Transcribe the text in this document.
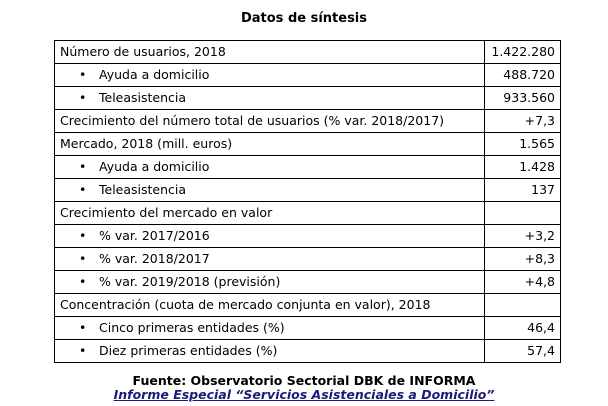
Datos de síntesis
Número de usuarios, 2018	1.422.280
• Ayuda a domicilio	488.720
• Teleasistencia	933.560
Crecimiento del número total de usuarios (% var. 2018/2017)	+7,3
Mercado, 2018 (mill. euros)	1.565
• Ayuda a domicilio	1.428
• Teleasistencia	137
Crecimiento del mercado en valor	
• % var. 2017/2016	+3,2
• % var. 2018/2017	+8,3
• % var. 2019/2018 (previsión)	+4,8
Concentración (cuota de mercado conjunta en valor), 2018	
• Cinco primeras entidades (%)	46,4
• Diez primeras entidades (%)	57,4
Fuente: Observatorio Sectorial DBK de INFORMA
Informe Especial “Servicios Asistenciales a Domicilio”
